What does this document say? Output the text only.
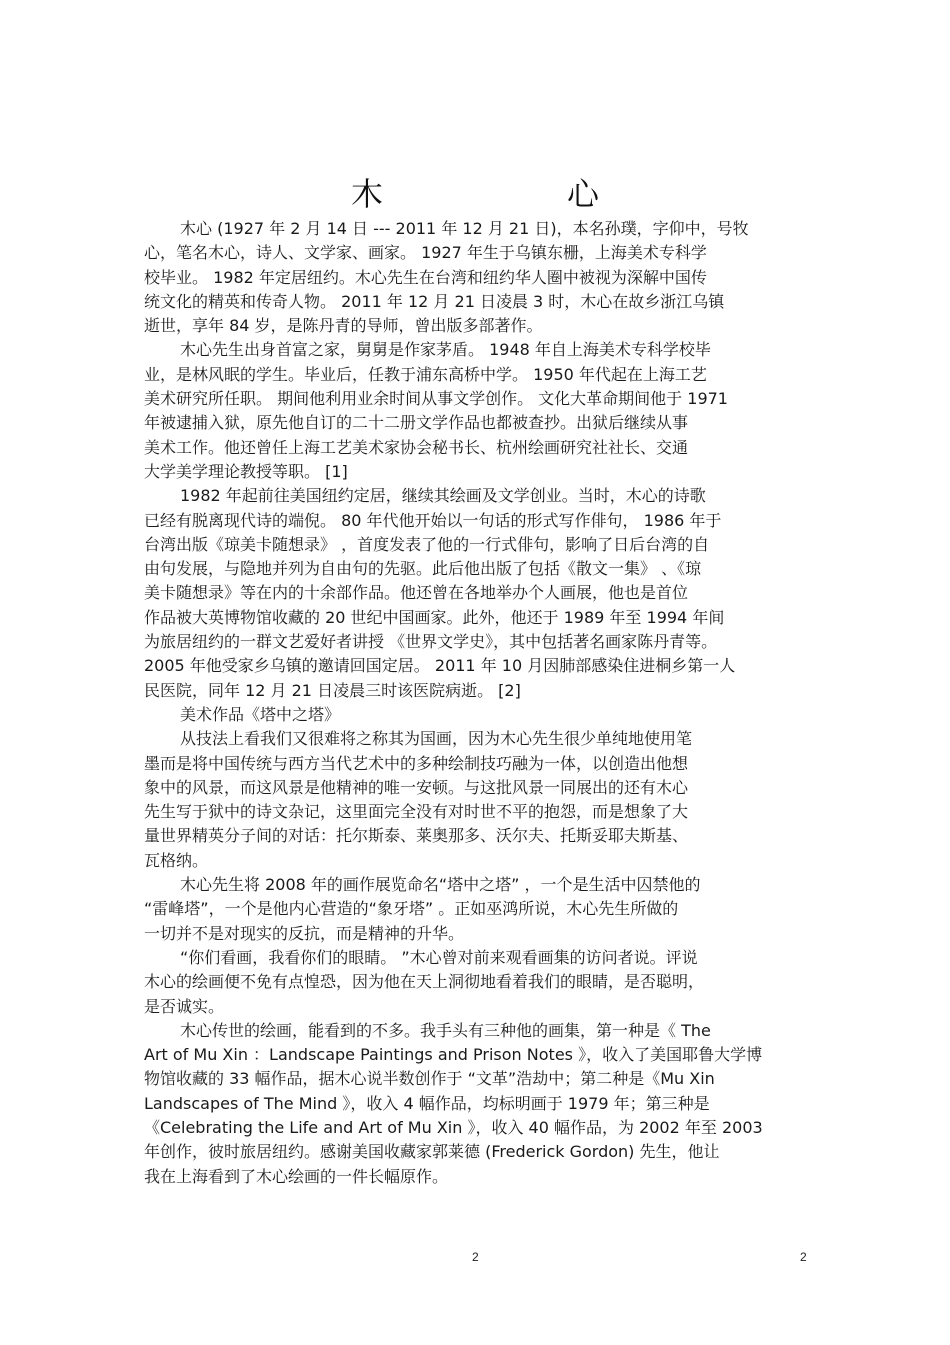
木　　心
木心 (1927 年 2 月 14 日 --- 2011 年 12 月 21 日)，本名孙璞，字仰中，号牧
心，笔名木心，诗人、文学家、画家。 1927 年生于乌镇东栅，上海美术专科学
校毕业。 1982 年定居纽约。木心先生在台湾和纽约华人圈中被视为深解中国传
统文化的精英和传奇人物。 2011 年 12 月 21 日凌晨 3 时，木心在故乡浙江乌镇
逝世，享年 84 岁，是陈丹青的导师，曾出版多部著作。
木心先生出身首富之家，舅舅是作家茅盾。 1948 年自上海美术专科学校毕
业，是林风眠的学生。毕业后，任教于浦东高桥中学。 1950 年代起在上海工艺
美术研究所任职。 期间他利用业余时间从事文学创作。 文化大革命期间他于 1971
年被逮捕入狱，原先他自订的二十二册文学作品也都被查抄。出狱后继续从事
美术工作。他还曾任上海工艺美术家协会秘书长、杭州绘画研究社社长、交通
大学美学理论教授等职。 [1]
1982 年起前往美国纽约定居，继续其绘画及文学创业。当时，木心的诗歌
已经有脱离现代诗的端倪。 80 年代他开始以一句话的形式写作俳句， 1986 年于
台湾出版《琼美卡随想录》 ，首度发表了他的一行式俳句，影响了日后台湾的自
由句发展，与隐地并列为自由句的先驱。此后他出版了包括《散文一集》 、《琼
美卡随想录》等在内的十余部作品。他还曾在各地举办个人画展，他也是首位
作品被大英博物馆收藏的 20 世纪中国画家。此外，他还于 1989 年至 1994 年间
为旅居纽约的一群文艺爱好者讲授 《世界文学史》，其中包括著名画家陈丹青等。
2005 年他受家乡乌镇的邀请回国定居。 2011 年 10 月因肺部感染住进桐乡第一人
民医院，同年 12 月 21 日凌晨三时该医院病逝。 [2]
美术作品《塔中之塔》
从技法上看我们又很难将之称其为国画，因为木心先生很少单纯地使用笔
墨而是将中国传统与西方当代艺术中的多种绘制技巧融为一体，以创造出他想
象中的风景，而这风景是他精神的唯一安顿。与这批风景一同展出的还有木心
先生写于狱中的诗文杂记，这里面完全没有对时世不平的抱怨，而是想象了大
量世界精英分子间的对话：托尔斯泰、莱奥那多、沃尔夫、托斯妥耶夫斯基、
瓦格纳。
木心先生将 2008 年的画作展览命名“塔中之塔” ，一个是生活中囚禁他的
“雷峰塔”，一个是他内心营造的“象牙塔” 。正如巫鸿所说，木心先生所做的
一切并不是对现实的反抗，而是精神的升华。
“你们看画，我看你们的眼睛。 ”木心曾对前来观看画集的访问者说。评说
木心的绘画便不免有点惶恐，因为他在天上洞彻地看着我们的眼睛，是否聪明，
是否诚实。
木心传世的绘画，能看到的不多。我手头有三种他的画集，第一种是《 The
Art of Mu Xin ：Landscape Paintings and Prison Notes 》，收入了美国耶鲁大学博
物馆收藏的 33 幅作品，据木心说半数创作于 “文革”浩劫中；第二种是《Mu Xin
Landscapes of The Mind 》，收入 4 幅作品，均标明画于 1979 年；第三种是
《Celebrating the Life and Art of Mu Xin 》，收入 40 幅作品，为 2002 年至 2003
年创作，彼时旅居纽约。感谢美国收藏家郭莱德 (Frederick Gordon) 先生，他让
我在上海看到了木心绘画的一件长幅原作。
2	2
